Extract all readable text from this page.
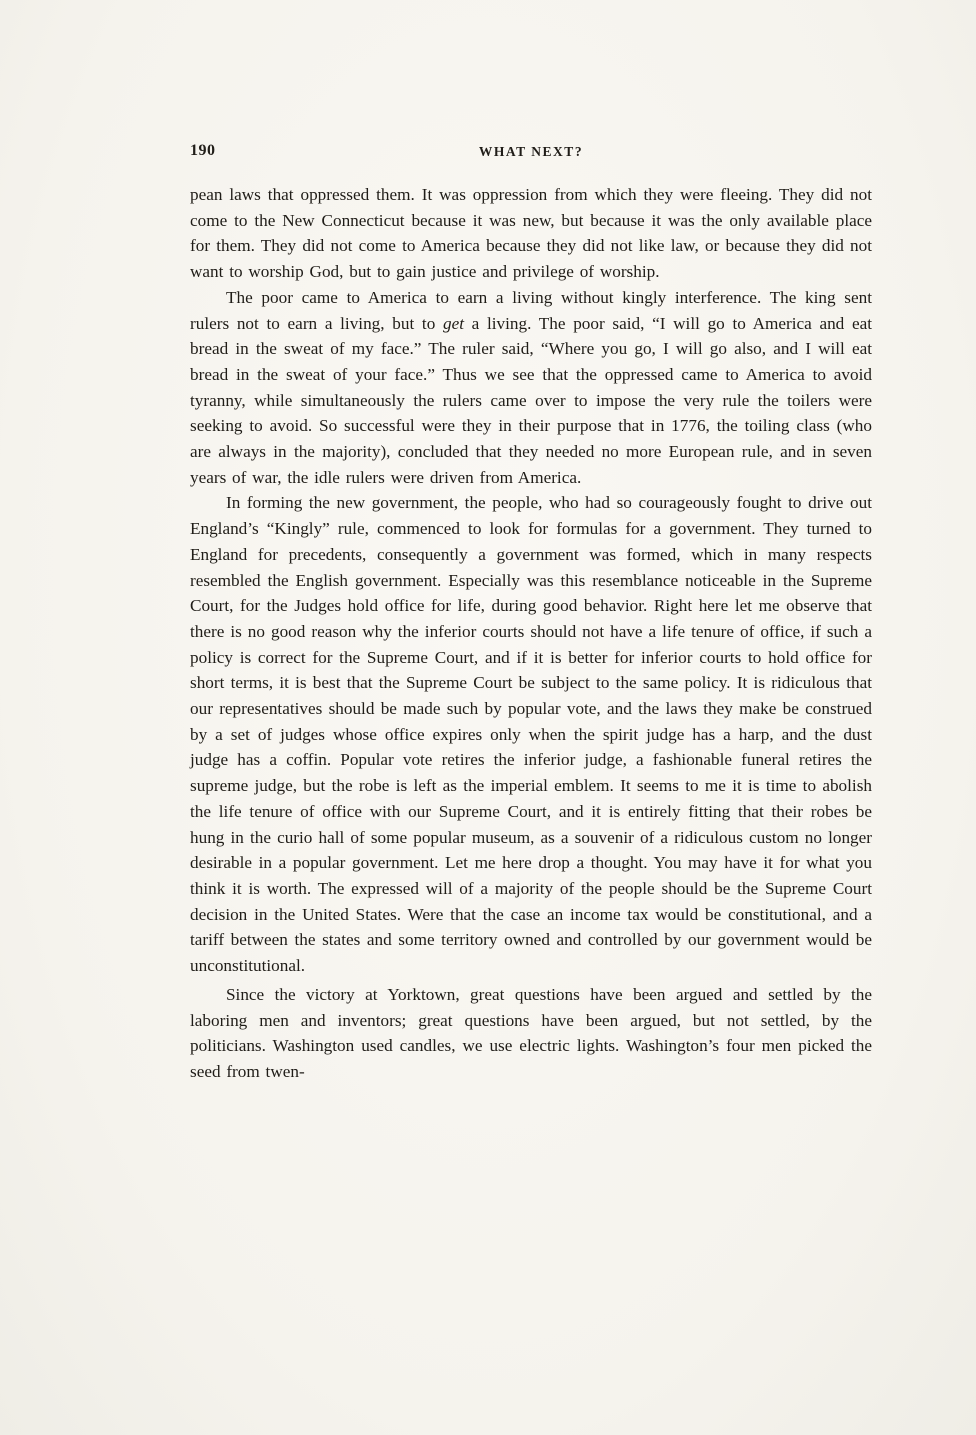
190	WHAT NEXT?

pean laws that oppressed them. It was oppression from which they were fleeing. They did not come to the New Connecticut because it was new, but because it was the only available place for them. They did not come to America because they did not like law, or because they did not want to worship God, but to gain justice and privilege of worship.

The poor came to America to earn a living without kingly interference. The king sent rulers not to earn a living, but to get a living. The poor said, “I will go to America and eat bread in the sweat of my face.” The ruler said, “Where you go, I will go also, and I will eat bread in the sweat of your face.” Thus we see that the oppressed came to America to avoid tyranny, while simultaneously the rulers came over to impose the very rule the toilers were seeking to avoid. So successful were they in their purpose that in 1776, the toiling class (who are always in the majority), concluded that they needed no more European rule, and in seven years of war, the idle rulers were driven from America.

In forming the new government, the people, who had so courageously fought to drive out England’s “Kingly” rule, commenced to look for formulas for a government. They turned to England for precedents, consequently a government was formed, which in many respects resembled the English government. Especially was this resemblance noticeable in the Supreme Court, for the Judges hold office for life, during good behavior. Right here let me observe that there is no good reason why the inferior courts should not have a life tenure of office, if such a policy is correct for the Supreme Court, and if it is better for inferior courts to hold office for short terms, it is best that the Supreme Court be subject to the same policy. It is ridiculous that our representatives should be made such by popular vote, and the laws they make be construed by a set of judges whose office expires only when the spirit judge has a harp, and the dust judge has a coffin. Popular vote retires the inferior judge, a fashionable funeral retires the supreme judge, but the robe is left as the imperial emblem. It seems to me it is time to abolish the life tenure of office with our Supreme Court, and it is entirely fitting that their robes be hung in the curio hall of some popular museum, as a souvenir of a ridiculous custom no longer desirable in a popular government. Let me here drop a thought. You may have it for what you think it is worth. The expressed will of a majority of the people should be the Supreme Court decision in the United States. Were that the case an income tax would be constitutional, and a tariff between the states and some territory owned and controlled by our government would be unconstitutional.

Since the victory at Yorktown, great questions have been argued and settled by the laboring men and inventors; great questions have been argued, but not settled, by the politicians. Washington used candles, we use electric lights. Washington’s four men picked the seed from twen-
